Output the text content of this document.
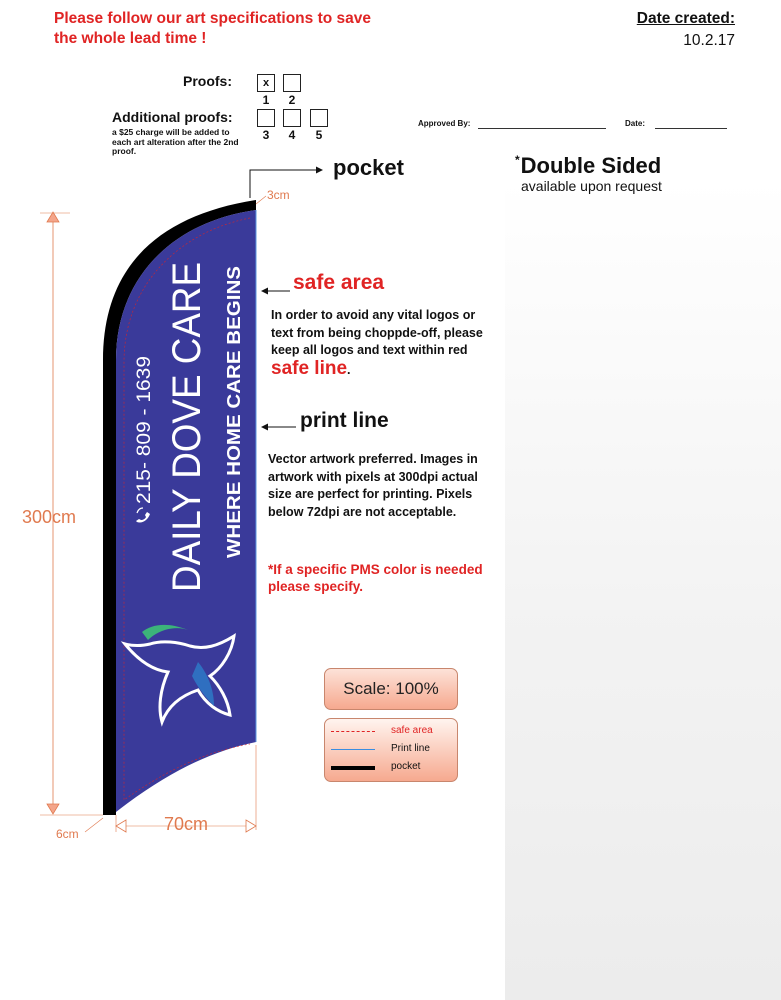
Please follow our art specifications to save the whole lead time !
Date created:
10.2.17
Proofs:	x
1	2
Additional proofs:
a $25 charge will be added to each art alteration after the 2nd proof.
3	4	5
Approved By:	Date:
pocket	*Double Sided
available upon request
safe area
In order to avoid any vital logos or text from being choppde-off, please keep all logos and text within red safe line.
print line
Vector artwork preferred. Images in artwork with pixels at 300dpi actual size are perfect for printing. Pixels below 72dpi are not acceptable.
*If a specific PMS color is needed please specify.
Scale: 100%
safe area
Print line
pocket
300cm
70cm
6cm
3cm
DAILY DOVE CARE WHERE HOME CARE BEGINS
215- 809 - 1639
